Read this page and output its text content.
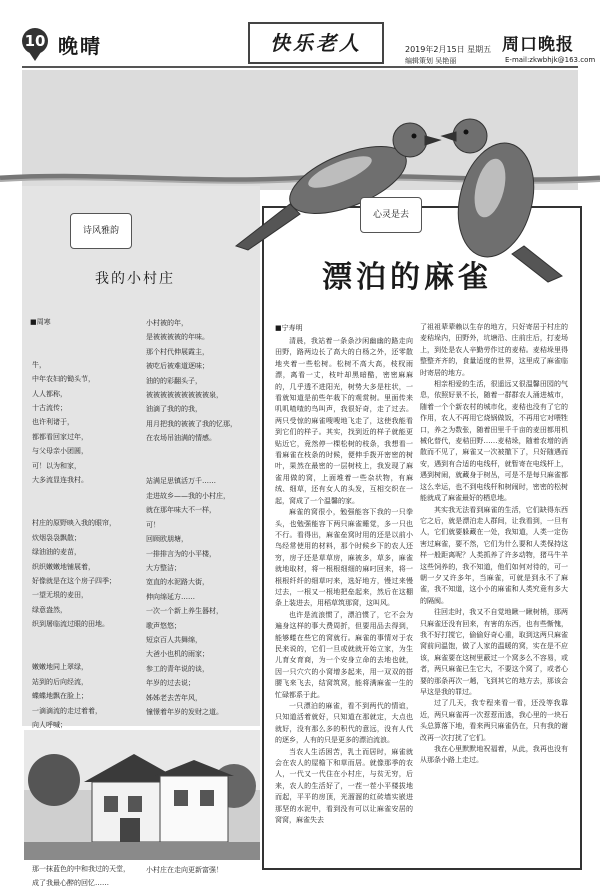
10 晚晴	快乐老人	周口晚报
2019年2月15日 星期五
编辑策划 吴艳丽	E-mail:zkwbhjk@163.com
诗风雅韵
心灵是去
我的小村庄
■周寒

牛，
中年农妇的锄头节，
人人都称，
十古流传；
也许利诸于，
都都看回家过年，
与父母亲小团圆，
可！以为和家，
大多流显连我村。

村庄的原野映入我的眼帘，
炊烟袅袅飘散；
绿油油的麦苗，
织织嫩嫩地铺展着，
好像就是在这个房子四季；
一望无垠的麦田，
绿意盎然，
织到屠临流过眼的田地。

嫩嫩地同上翠绿，
站到的后向经流，
蝶蝶地飘在脸上；
一滴滴流的走过着着，
向人呼喊；

那一抹蓝色的中和我过的天堂，
成了我最心醉的回忆……
小村被的年，
是被被被被的年味。
那个村代伸展霞主，
被吃后被难道逐味；
油的的彩翻头子，
被被被被被被被被被泉，
油滴了我的的我，
用月把我的被被了我的忆那，
在农场吊油满的情感。

站满足思镇活万千……
走进故乡——我的小村庄，
就在那年味大不一样，
可！
回顾欧朋塘，
一排排言为的小平楼，
大方整洁；
宽直的水泥路大街，
伸向绵延方……
一次一个新上养生器材，
歌声悠悠；
短京百人共舞绵，
大爸小也机的雨家；
参工的青年说的谈，
年岁的过去说；
姊姊老去苦年风，
憧憬着年岁的发财之道。

小村庄在走向更新富强！
漂泊的麻雀
■宁寿明

清晨，我站着一条条沙闲幽幽的路走向田野，路两边长了高大的白杨之外，还零散地夹着一些松树。松树不高大高，枝杈雨漂，离看一丈，枝叶却黑暗酷，密密麻麻的，几乎透不进阳光，树势大多是柱状，一看就知道是前些年栽下的观赏树。里面传来叽叽喳喳的鸟叫声，我很好奇，走了过去。两只受惊的麻雀嗖嗖地飞走了，这使我能看到它们的样子。其实，找到近的样子就能更贴近它，竟然停一棵松树的枝条，我想看一看麻雀在枝条的时候，便伸手拨开密密的树叶，果然在最密的一层树枝上，我发现了麻雀用做的窝，上面堆着一些杂状物，有麻绒、细草，还有女人的头发，互相交织在一起，窝成了一个温馨的家。

麻雀的窝很小，勉强能容下我的一只拳头，也勉强能容下两只麻雀睡觉，多一只也不行。看得出，麻雀垒窝时用的还是以前小鸟经常使用的材料，那个时候乡下的农人还穷，房子还是草草房，麻被多，草多，麻雀就地取材，将一根根细细的麻叼回来，将一根根纤纤的细草叼来，选好地方，慢过来慢过去，一根又一根地把垒起来，然后在这棚条上装进去，用稻草筑那窝，这叫风。

也许是流浪惯了，漂泊惯了，它不会为遍身这样的事大费周折，但要用品去得到，能够蜷在些它的窝就行。麻雀的事情对于农民来说的，它们一旦或就就开始立家，为生儿育女育商，为一个安身立命的去地也就，因一只穴穴的小窝增多起来，用一双双的搭腰飞来飞去，结窝筑窝，能将满麻雀一生的忙碌都系于此。

一只漂泊的麻雀，看不到两代的情谊，只知道活着就好，只知道在那就定，大点也就好，没有那么多的积代的意远，没有人代的逐乡，人有的只是更多的漂泊流浪。

当农人生活困苦，乳土而居时，麻雀就会在农人的屋檐下和草而居。就像那季的农人，一代又一代住在小村庄，与贫无穷，后来，农人的生活好了，一茬一茬小平楼拔地而起，平平的房顶，光溜溜的红砖墙实嵌进那坚的水泥中，看到没有可以让麻雀安居的窝窝，麻雀失去

了祖祖辈辈赖以生存的地方，只好寄居于村庄的麦秸垛内，田野外，坑塘沿、庄前庄后，打麦场上，到处是农人辛勤劳作过的麦秸。麦秸垛里得整整齐齐的，食量适度的世界，这里成了麻雀临时寄居的地方。

相亲相爱的生活，很遥远又很温馨田园的气息，依照好景不长，随着一群群农人涌进城市，随着一个个新农村的城市化，麦秸也没有了它的作用，农人不再用它烧锅做饭，不再用它对喂牲口，养之为数张，随着田里千千亩的麦田都用机械化替代，麦秸田野……麦秸垛，随着农增的消散而不见了，麻雀又一次被撤下了，只好随遇而安，遇到有合适的电线杆，就暂寄在电线杆上，遇到树闹，就藏身于树丛，可是不是每只麻雀都这么幸运，也不到电线杆和树闹时，密密的松树能就成了麻雀最好的栖息地。

其实我无法看到麻雀的生活，它们缺得东西它之后，就是漂泊走人群间，让我看到，一旦有人，它们就要躲藏在一处，我知道，人类一定伤害过麻雀，要不然，它们为什么要和人类保持这样一般距离呢？人类抓养了许多动物，猪马牛羊这些饲养的，我不知道，他们如何对待的，可一朝一夕又许多年，当麻雀，可就是到永不了麻雀，我不知道，这小小的麻雀和人类究竟有多大的隔阂。

往回走时，我又不自觉地瞅一瞅树梢，那两只麻雀还没有回来，有害的东西，也有些惭愧，我不好打搅它，偷偷好奇心重，取到这两只麻雀窝前问温饱，做了人家的温暖的窝，实在是不应该，麻雀要在这树里蔽过一个窝多么不容易，或者，两只麻雀已生它大，不要这个窝了，或者心要的那条再次一趟，飞到其它的地方去，那该会早这是我的罪过。

过了几天，我专程来看一看，还没等我靠近，两只麻雀再一次惹惹而逃，我心里的一块石头总算落下地，看来两只麻雀仍在，只有我的谢改再一次打扰了它们。

我在心里默默地祝福着，从此，我再也没有从那条小路上走过。
